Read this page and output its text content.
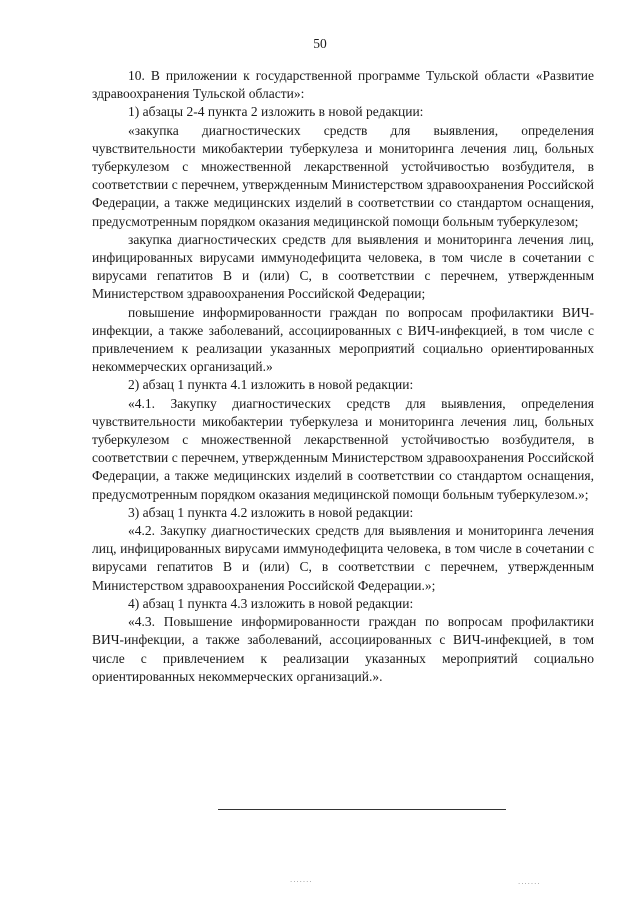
50

10. В приложении к государственной программе Тульской области «Развитие здравоохранения Тульской области»:

1) абзацы 2-4 пункта 2 изложить в новой редакции:

«закупка диагностических средств для выявления, определения чувствительности микобактерии туберкулеза и мониторинга лечения лиц, больных туберкулезом с множественной лекарственной устойчивостью возбудителя, в соответствии с перечнем, утвержденным Министерством здравоохранения Российской Федерации, а также медицинских изделий в соответствии со стандартом оснащения, предусмотренным порядком оказания медицинской помощи больным туберкулезом;

закупка диагностических средств для выявления и мониторинга лечения лиц, инфицированных вирусами иммунодефицита человека, в том числе в сочетании с вирусами гепатитов В и (или) С, в соответствии с перечнем, утвержденным Министерством здравоохранения Российской Федерации;

повышение информированности граждан по вопросам профилактики ВИЧ-инфекции, а также заболеваний, ассоциированных с ВИЧ-инфекцией, в том числе с привлечением к реализации указанных мероприятий социально ориентированных некоммерческих организаций.»

2) абзац 1 пункта 4.1 изложить в новой редакции:

«4.1. Закупку диагностических средств для выявления, определения чувствительности микобактерии туберкулеза и мониторинга лечения лиц, больных туберкулезом с множественной лекарственной устойчивостью возбудителя, в соответствии с перечнем, утвержденным Министерством здравоохранения Российской Федерации, а также медицинских изделий в соответствии со стандартом оснащения, предусмотренным порядком оказания медицинской помощи больным туберкулезом.»;

3) абзац 1 пункта 4.2 изложить в новой редакции:

«4.2. Закупку диагностических средств для выявления и мониторинга лечения лиц, инфицированных вирусами иммунодефицита человека, в том числе в сочетании с вирусами гепатитов В и (или) С, в соответствии с перечнем, утвержденным Министерством здравоохранения Российской Федерации.»;

4) абзац 1 пункта 4.3 изложить в новой редакции:

«4.3. Повышение информированности граждан по вопросам профилактики ВИЧ-инфекции, а также заболеваний, ассоциированных с ВИЧ-инфекцией, в том числе с привлечением к реализации указанных мероприятий социально ориентированных некоммерческих организаций.».

·······	·······
